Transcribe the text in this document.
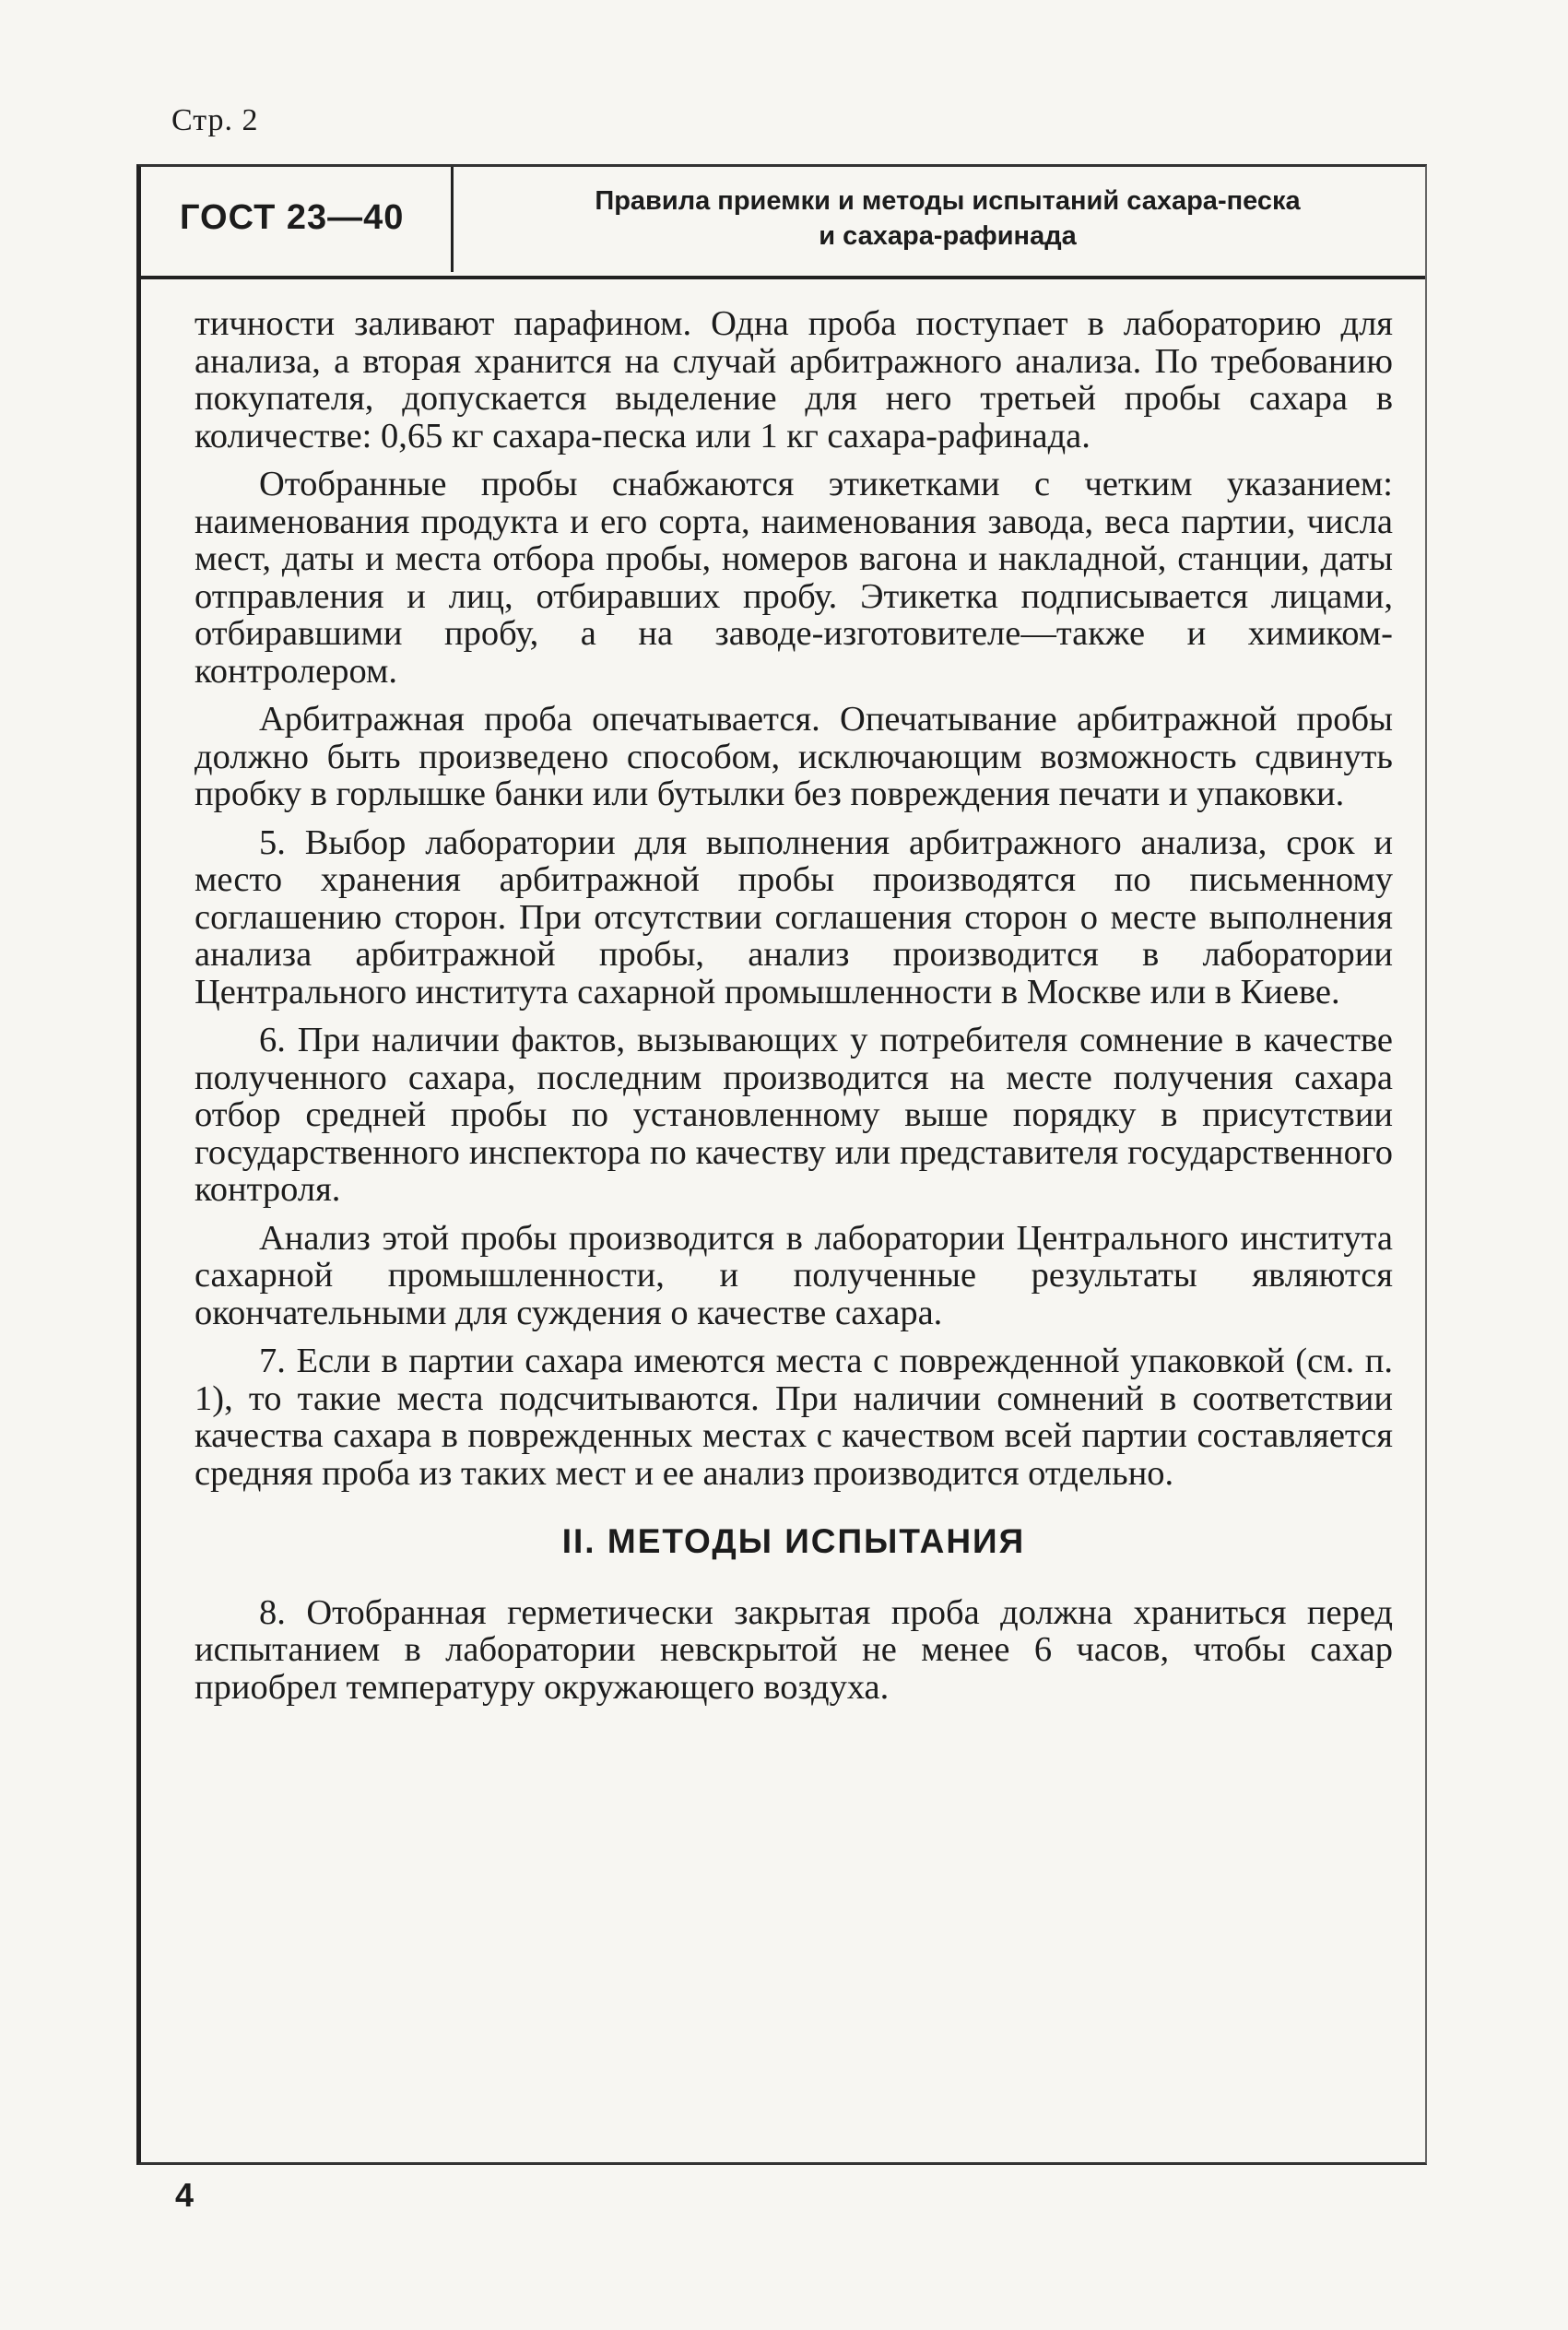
Стр. 2
ГОСТ 23—40	Правила приемки и методы испытаний сахара-песка
и сахара-рафинада

тичности заливают парафином. Одна проба поступает в лабораторию для анализа, а вторая хранится на случай арбитражного анализа. По требованию покупателя, допускается выделение для него третьей пробы сахара в количестве: 0,65 кг сахара-песка или 1 кг сахара-рафинада.

Отобранные пробы снабжаются этикетками с четким указанием: наименования продукта и его сорта, наименования завода, веса партии, числа мест, даты и места отбора пробы, номеров вагона и накладной, станции, даты отправления и лиц, отбиравших пробу. Этикетка подписывается лицами, отбиравшими пробу, а на заводе-изготовителе—также и химиком-контролером.

Арбитражная проба опечатывается. Опечатывание арбитражной пробы должно быть произведено способом, исключающим возможность сдвинуть пробку в горлышке банки или бутылки без повреждения печати и упаковки.

5. Выбор лаборатории для выполнения арбитражного анализа, срок и место хранения арбитражной пробы производятся по письменному соглашению сторон. При отсутствии соглашения сторон о месте выполнения анализа арбитражной пробы, анализ производится в лаборатории Центрального института сахарной промышленности в Москве или в Киеве.

6. При наличии фактов, вызывающих у потребителя сомнение в качестве полученного сахара, последним производится на месте получения сахара отбор средней пробы по установленному выше порядку в присутствии государственного инспектора по качеству или представителя государственного контроля.

Анализ этой пробы производится в лаборатории Центрального института сахарной промышленности, и полученные результаты являются окончательными для суждения о качестве сахара.

7. Если в партии сахара имеются места с поврежденной упаковкой (см. п. 1), то такие места подсчитываются. При наличии сомнений в соответствии качества сахара в поврежденных местах с качеством всей партии составляется средняя проба из таких мест и ее анализ производится отдельно.

II. МЕТОДЫ ИСПЫТАНИЯ

8. Отобранная герметически закрытая проба должна храниться перед испытанием в лаборатории невскрытой не менее 6 часов, чтобы сахар приобрел температуру окружающего воздуха.

4
